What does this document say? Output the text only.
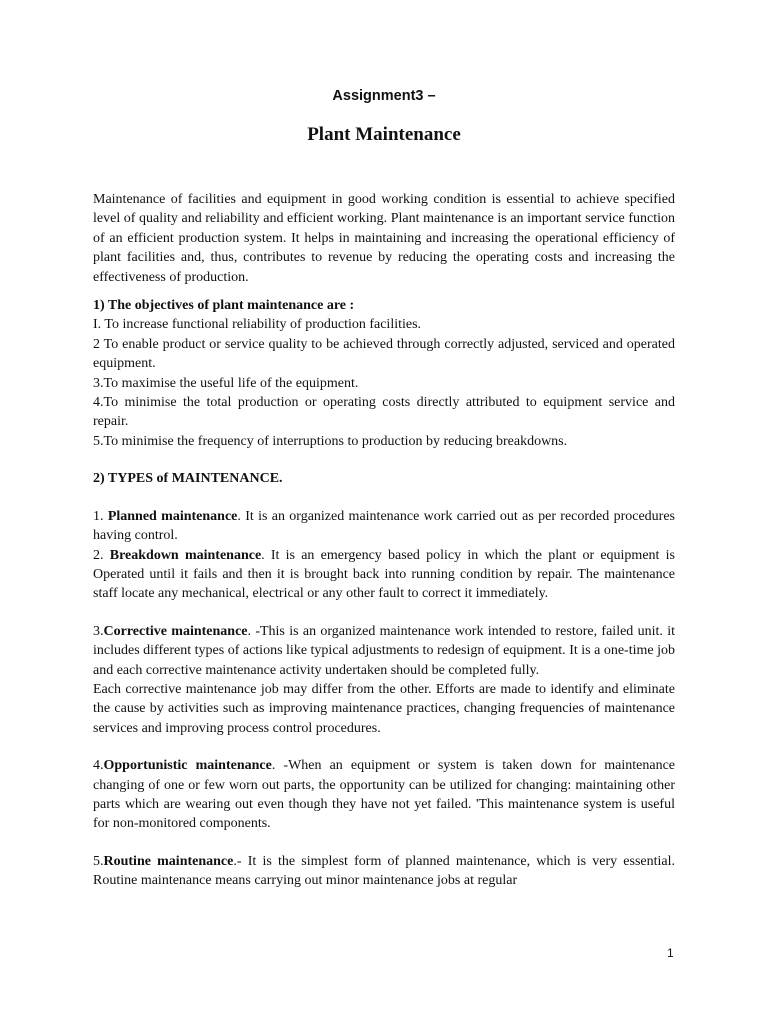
Assignment3 –
Plant Maintenance

Maintenance of facilities and equipment in good working condition is essential to achieve specified level of quality and reliability and efficient working. Plant maintenance is an important service function of an efficient production system. It helps in maintaining and increasing the operational efficiency of plant facilities and, thus, contributes to revenue by reducing the operating costs and increasing the effectiveness of production.

1) The objectives of plant maintenance are :

I. To increase functional reliability of production facilities.

2 To enable product or service quality to be achieved through correctly adjusted, serviced and operated equipment.

3.To maximise the useful life of the equipment.

4.To minimise the total production or operating costs directly attributed to equipment service and repair.

5.To minimise the frequency of interruptions to production by reducing breakdowns.

2) TYPES of MAINTENANCE.

1. Planned maintenance. It is an organized maintenance work carried out as per recorded procedures having control.

2. Breakdown maintenance. It is an emergency based policy in which the plant or equipment is Operated until it fails and then it is brought back into running condition by repair. The maintenance staff locate any mechanical, electrical or any other fault to correct it immediately.

3.Corrective maintenance. -This is an organized maintenance work intended to restore, failed unit. it includes different types of actions like typical adjustments to redesign of equipment. It is a one-time job and each corrective maintenance activity undertaken should be completed fully.

Each corrective maintenance job may differ from the other. Efforts are made to identify and eliminate the cause by activities such as improving maintenance practices, changing frequencies of maintenance services and improving process control procedures.

4.Opportunistic maintenance. -When an equipment or system is taken down for maintenance changing of one or few worn out parts, the opportunity can be utilized for changing: maintaining other parts which are wearing out even though they have not yet failed. 'This maintenance system is useful for non-monitored components.

5.Routine maintenance.- It is the simplest form of planned maintenance, which is very essential. Routine maintenance means carrying out minor maintenance jobs at regular

1
